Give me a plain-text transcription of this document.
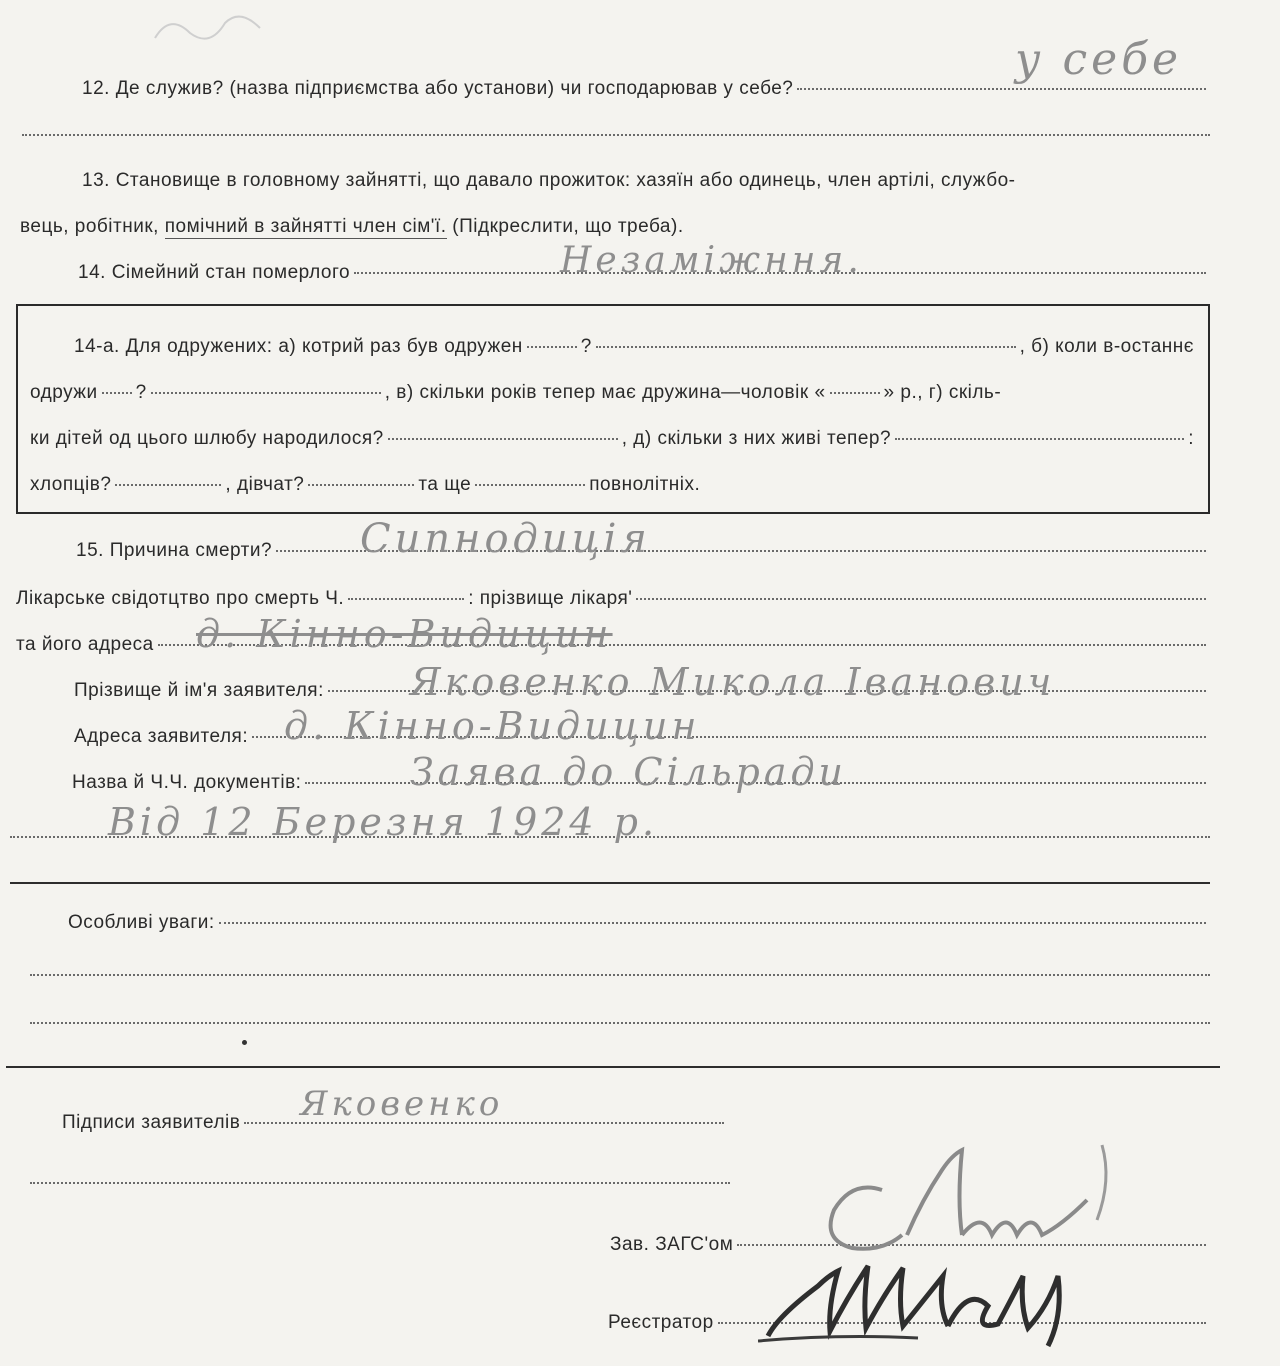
12. Де служив? (назва підприємства або установи) чи господарював у себе?
у себе
13. Становище в головному зайнятті, що давало прожиток: хазяїн або одинець, член артілі, службо-
вець, робітник,
помічний в зайнятті член сім'ї.
(Підкреслити, що треба).
14. Сімейний стан померлого	Незаміжння.
14-а. Для одружених: а) котрий раз був одружен	?	, б) коли в-останнє
одружи ?	, в) скільки років тепер має дружина—чоловік «	» р., г) скіль-
ки дітей од цього шлюбу народилося?	, д) скільки з них живі тепер?	:
хлопців?	, дівчат?	та ще	повнолітніх.
15. Причина смерти? Сипнодиція
Лікарське свідотцтво про смерть Ч.	: прізвище лікаря '
та його адреса д. Кінно-Видицин
Прізвище й ім'я заявителя: Яковенко Микола Іванович
Адреса заявителя: д. Кінно-Видицин
Назва й Ч.Ч. документів:	Заява до Сільради
Від 12 Березня 1924 р.
Особливі уваги:
Підписи заявителів Яковенко
Зав. ЗАГС'ом
Реєстратор
